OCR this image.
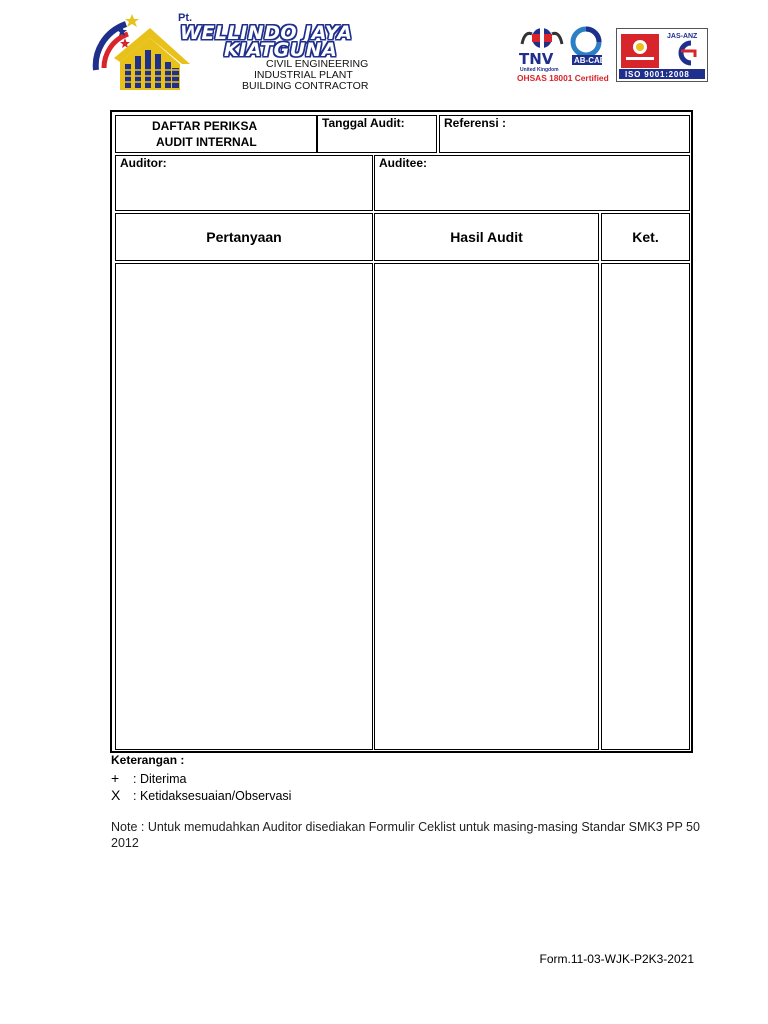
Pt.
WELLINDO JAYA
KIATGUNA
CIVIL ENGINEERING
INDUSTRIAL PLANT
BUILDING CONTRACTOR
TNV
United Kingdom
AB-CAB
OHSAS 18001 Certified
JAS-ANZ
ISO 9001:2008
DAFTAR PERIKSA
AUDIT INTERNAL
Tanggal Audit:	Referensi :
Auditor:	Auditee:
Pertanyaan	Hasil Audit	Ket.
Keterangan :
+ : Diterima
X : Ketidaksesuaian/Observasi
Note : Untuk memudahkan Auditor disediakan Formulir Ceklist untuk masing-masing Standar SMK3 PP 50 2012
Form.11-03-WJK-P2K3-2021
